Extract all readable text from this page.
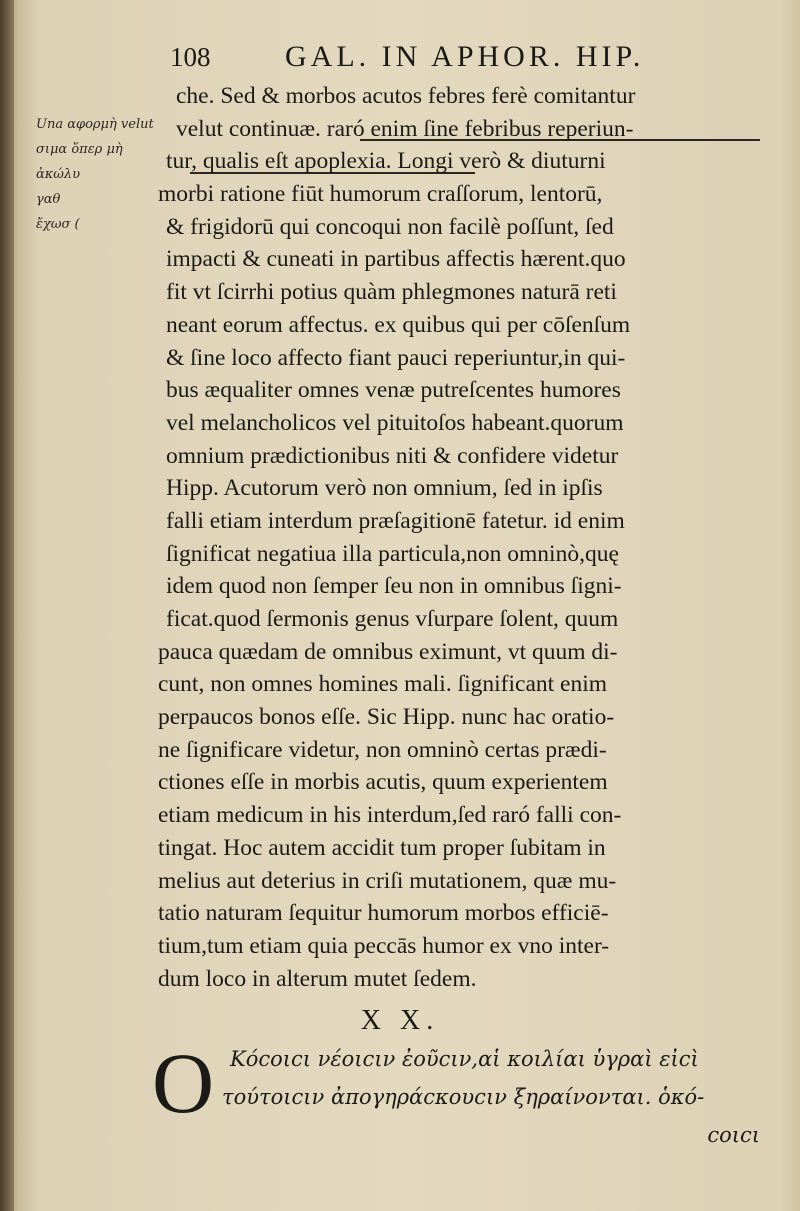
108 GAL. IN APHOR. HIP.
Una αφορμὴ velut
σιμα ὅπερ μὴ
ἀκώλυ
γαθ
ἔχωσ (
che. Sed & morbos acutos febres ferè comitantur
velut continuæ. raró enim ſine febribus reperiun-
tur, qualis eſt apoplexia. Longi verò & diuturni
morbi ratione fiūt humorum craſſorum, lentorū,
& frigidorū qui concoqui non facilè poſſunt, ſed
impacti & cuneati in partibus affectis hærent.quo
fit vt ſcirrhi potius quàm phlegmones naturā reti
neant eorum affectus. ex quibus qui per cōſenſum
& ſine loco affecto fiant pauci reperiuntur,in qui-
bus æqualiter omnes venæ putreſcentes humores
vel melancholicos vel pituitoſos habeant.quorum
omnium prædictionibus niti & confidere videtur
Hipp. Acutorum verò non omnium, ſed in ipſis
falli etiam interdum præſagitionē fatetur. id enim
ſignificat negatiua illa particula,non omninò,quę
idem quod non ſemper ſeu non in omnibus ſigni-
ficat.quod ſermonis genus vſurpare ſolent, quum
pauca quædam de omnibus eximunt, vt quum di-
cunt, non omnes homines mali. ſignificant enim
perpaucos bonos eſſe. Sic Hipp. nunc hac oratio-
ne ſignificare videtur, non omninò certas prædi-
ctiones eſſe in morbis acutis, quum experientem
etiam medicum in his interdum,ſed raró falli con-
tingat. Hoc autem accidit tum proper ſubitam in
melius aut deterius in criſi mutationem, quæ mu-
tatio naturam ſequitur humorum morbos efficiē-
tium,tum etiam quia peccās humor ex vno inter-
dum loco in alterum mutet ſedem.
X X.
O Κόϲοιϲι νέοιϲιν ἐοῦϲιν,αἱ κοιλίαι ὑγραὶ εἰϲὶ
τούτοιϲιν ἀπογηράϲκουϲιν ξηραίνονται. ὁκό-
ϲοιϲι
